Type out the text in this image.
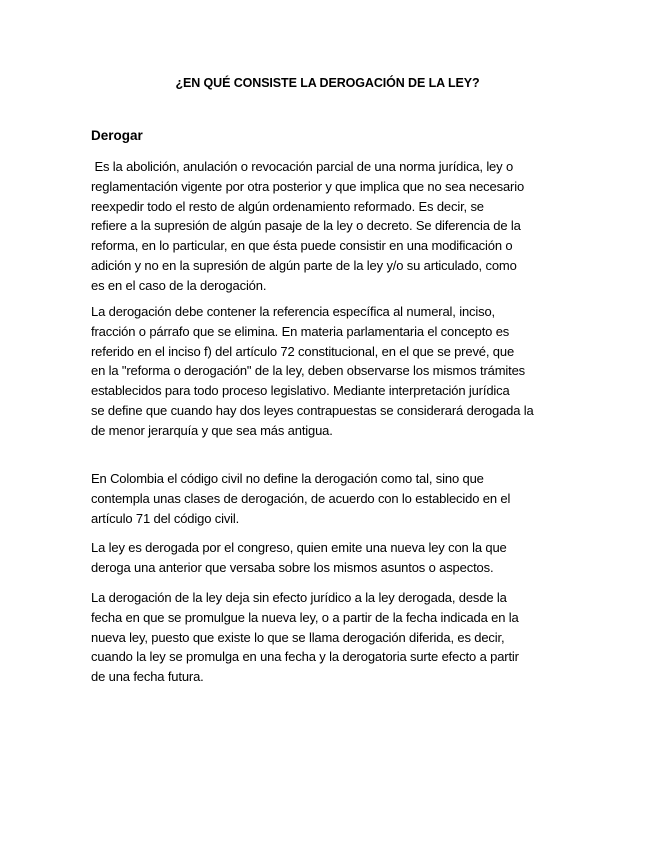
¿EN QUÉ CONSISTE LA DEROGACIÓN DE LA LEY?
Derogar

Es la abolición, anulación o revocación parcial de una norma jurídica, ley o
reglamentación vigente por otra posterior y que implica que no sea necesario
reexpedir todo el resto de algún ordenamiento reformado. Es decir, se
refiere a la supresión de algún pasaje de la ley o decreto. Se diferencia de la
reforma, en lo particular, en que ésta puede consistir en una modificación o
adición y no en la supresión de algún parte de la ley y/o su articulado, como
es en el caso de la derogación.

La derogación debe contener la referencia específica al numeral, inciso,
fracción o párrafo que se elimina. En materia parlamentaria el concepto es
referido en el inciso f) del artículo 72 constitucional, en el que se prevé, que
en la "reforma o derogación" de la ley, deben observarse los mismos trámites
establecidos para todo proceso legislativo. Mediante interpretación jurídica
se define que cuando hay dos leyes contrapuestas se considerará derogada la
de menor jerarquía y que sea más antigua.

En Colombia el código civil no define la derogación como tal, sino que
contempla unas clases de derogación, de acuerdo con lo establecido en el
artículo 71 del código civil.

La ley es derogada por el congreso, quien emite una nueva ley con la que
deroga una anterior que versaba sobre los mismos asuntos o aspectos.

La derogación de la ley deja sin efecto jurídico a la ley derogada, desde la
fecha en que se promulgue la nueva ley, o a partir de la fecha indicada en la
nueva ley, puesto que existe lo que se llama derogación diferida, es decir,
cuando la ley se promulga en una fecha y la derogatoria surte efecto a partir
de una fecha futura.
